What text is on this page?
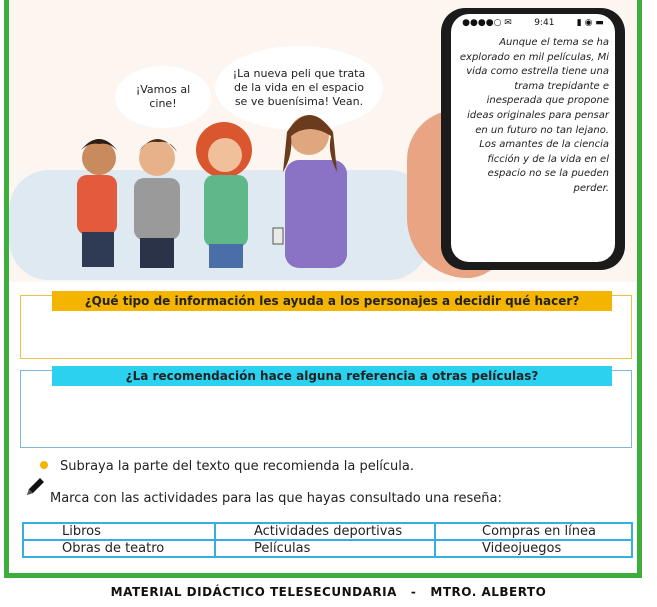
¡Vamos al cine!
¡La nueva peli que trata de la vida en el espacio se ve buenísima! Vean.
●●●●○ ✉ 9:41 ▮ ◉ ▬
Aunque el tema se ha explorado en mil películas, Mi vida como estrella tiene una trama trepidante e inesperada que propone ideas originales para pensar en un futuro no tan lejano. Los amantes de la ciencia ficción y de la vida en el espacio no se la pueden perder.
¿Qué tipo de información les ayuda a los personajes a decidir qué hacer?
¿La recomendación hace alguna referencia a otras películas?
Subraya la parte del texto que recomienda la película.
Marca con las actividades para las que hayas consultado una reseña:
Libros	Actividades deportivas	Compras en línea
Obras de teatro	Películas	Videojuegos
MATERIAL DIDÁCTICO TELESECUNDARIA   -   MTRO. ALBERTO
